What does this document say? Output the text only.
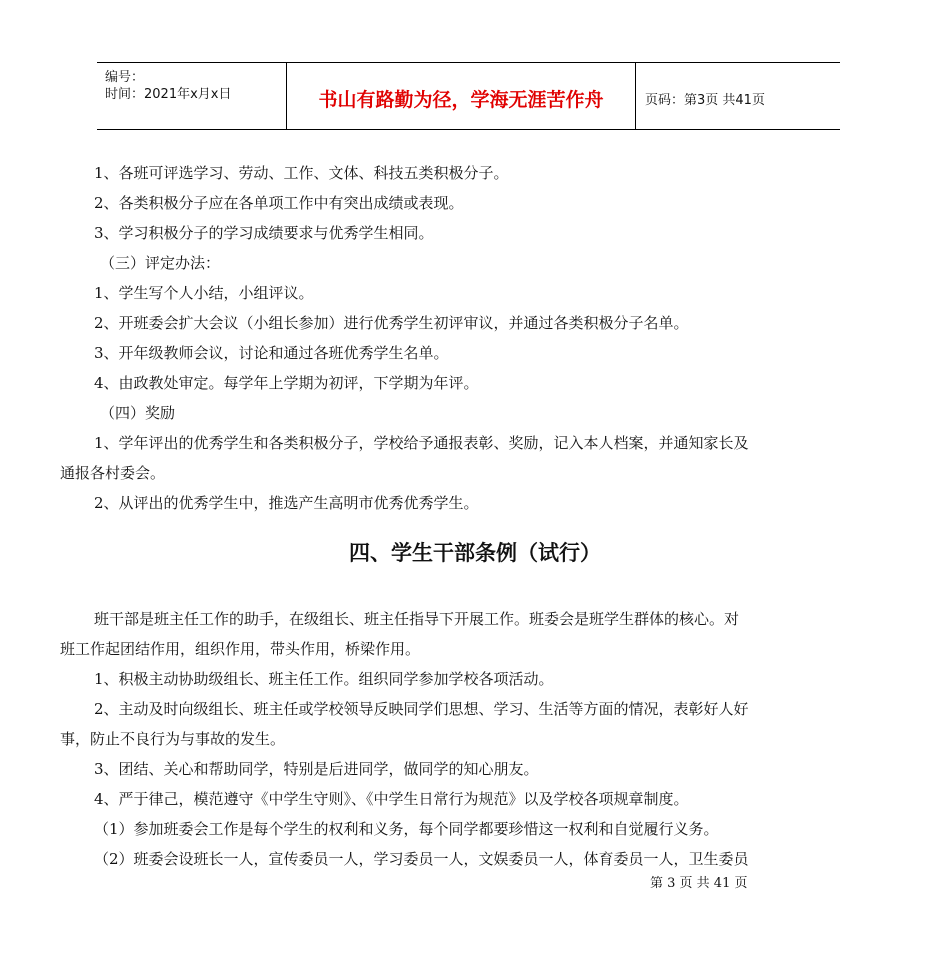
编号：
时间：2021年x月x日	书山有路勤为径，学海无涯苦作舟	页码：第3页 共41页
1、各班可评选学习、劳动、工作、文体、科技五类积极分子。
2、各类积极分子应在各单项工作中有突出成绩或表现。
3、学习积极分子的学习成绩要求与优秀学生相同。
（三）评定办法：
1、学生写个人小结，小组评议。
2、开班委会扩大会议（小组长参加）进行优秀学生初评审议，并通过各类积极分子名单。
3、开年级教师会议，讨论和通过各班优秀学生名单。
4、由政教处审定。每学年上学期为初评，下学期为年评。
（四）奖励
1、学年评出的优秀学生和各类积极分子，学校给予通报表彰、奖励，记入本人档案，并通知家长及
通报各村委会。
2、从评出的优秀学生中，推选产生高明市优秀优秀学生。
四、学生干部条例（试行）
班干部是班主任工作的助手，在级组长、班主任指导下开展工作。班委会是班学生群体的核心。对
班工作起团结作用，组织作用，带头作用，桥梁作用。
1、积极主动协助级组长、班主任工作。组织同学参加学校各项活动。
2、主动及时向级组长、班主任或学校领导反映同学们思想、学习、生活等方面的情况，表彰好人好
事，防止不良行为与事故的发生。
3、团结、关心和帮助同学，特别是后进同学，做同学的知心朋友。
4、严于律己，模范遵守《中学生守则》、《中学生日常行为规范》以及学校各项规章制度。
（1）参加班委会工作是每个学生的权利和义务，每个同学都要珍惜这一权利和自觉履行义务。
（2）班委会设班长一人，宣传委员一人，学习委员一人，文娱委员一人，体育委员一人，卫生委员
第 3 页 共 41 页
